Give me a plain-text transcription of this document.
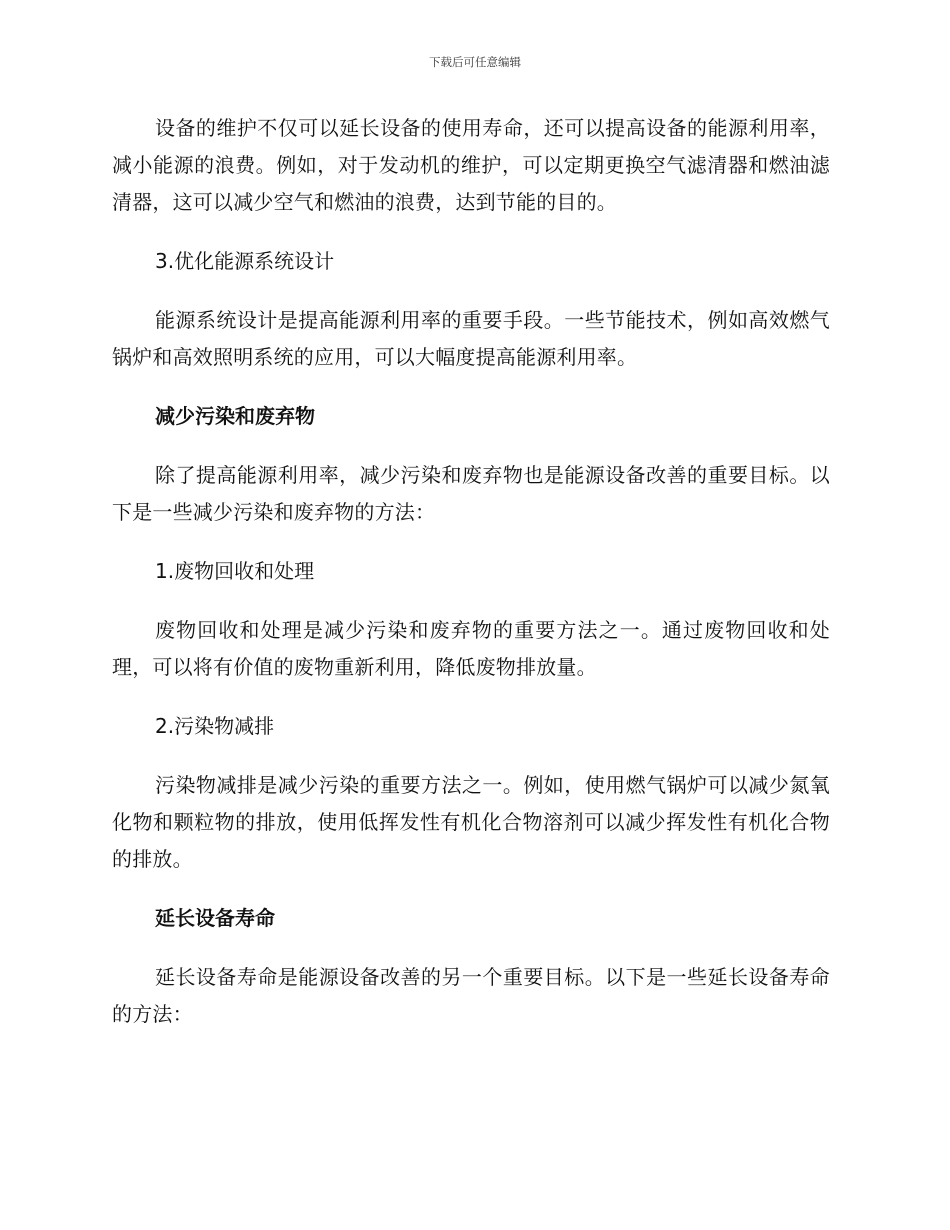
下载后可任意编辑

设备的维护不仅可以延长设备的使用寿命，还可以提高设备的能源利用率，减小能源的浪费。例如，对于发动机的维护，可以定期更换空气滤清器和燃油滤清器，这可以减少空气和燃油的浪费，达到节能的目的。

3.优化能源系统设计

能源系统设计是提高能源利用率的重要手段。一些节能技术，例如高效燃气锅炉和高效照明系统的应用，可以大幅度提高能源利用率。

减少污染和废弃物

除了提高能源利用率，减少污染和废弃物也是能源设备改善的重要目标。以下是一些减少污染和废弃物的方法：

1.废物回收和处理

废物回收和处理是减少污染和废弃物的重要方法之一。通过废物回收和处理，可以将有价值的废物重新利用，降低废物排放量。

2.污染物减排

污染物减排是减少污染的重要方法之一。例如，使用燃气锅炉可以减少氮氧化物和颗粒物的排放，使用低挥发性有机化合物溶剂可以减少挥发性有机化合物的排放。

延长设备寿命

延长设备寿命是能源设备改善的另一个重要目标。以下是一些延长设备寿命的方法：
